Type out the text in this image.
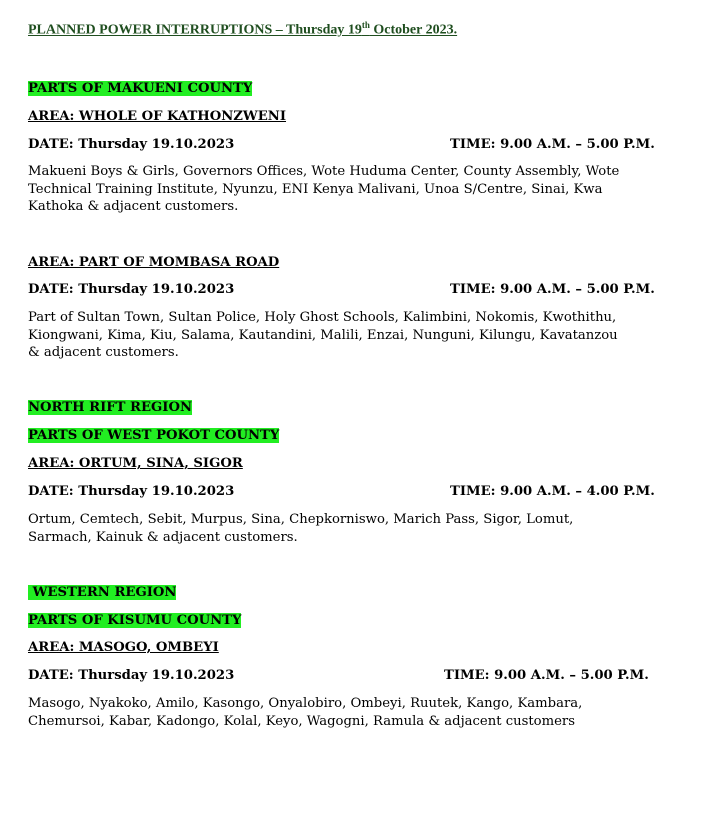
PLANNED POWER INTERRUPTIONS – Thursday 19th October 2023.
PARTS OF MAKUENI COUNTY
AREA: WHOLE OF KATHONZWENI
DATE: Thursday 19.10.2023	TIME: 9.00 A.M. – 5.00 P.M.
Makueni Boys & Girls, Governors Offices, Wote Huduma Center, County Assembly, Wote Technical Training Institute, Nyunzu, ENI Kenya Malivani, Unoa S/Centre, Sinai, Kwa Kathoka & adjacent customers.
AREA: PART OF MOMBASA ROAD
DATE: Thursday 19.10.2023	TIME: 9.00 A.M. – 5.00 P.M.
Part of Sultan Town, Sultan Police, Holy Ghost Schools, Kalimbini, Nokomis, Kwothithu, Kiongwani, Kima, Kiu, Salama, Kautandini, Malili, Enzai, Nunguni, Kilungu, Kavatanzou & adjacent customers.
NORTH RIFT REGION
PARTS OF WEST POKOT COUNTY
AREA: ORTUM, SINA, SIGOR
DATE: Thursday 19.10.2023	TIME: 9.00 A.M. – 4.00 P.M.
Ortum, Cemtech, Sebit, Murpus, Sina, Chepkorniswo, Marich Pass, Sigor, Lomut, Sarmach, Kainuk & adjacent customers.
WESTERN REGION
PARTS OF KISUMU COUNTY
AREA: MASOGO, OMBEYI
DATE: Thursday 19.10.2023	TIME: 9.00 A.M. – 5.00 P.M.
Masogo, Nyakoko, Amilo, Kasongo, Onyalobiro, Ombeyi, Ruutek, Kango, Kambara, Chemursoi, Kabar, Kadongo, Kolal, Keyo, Wagogni, Ramula & adjacent customers
